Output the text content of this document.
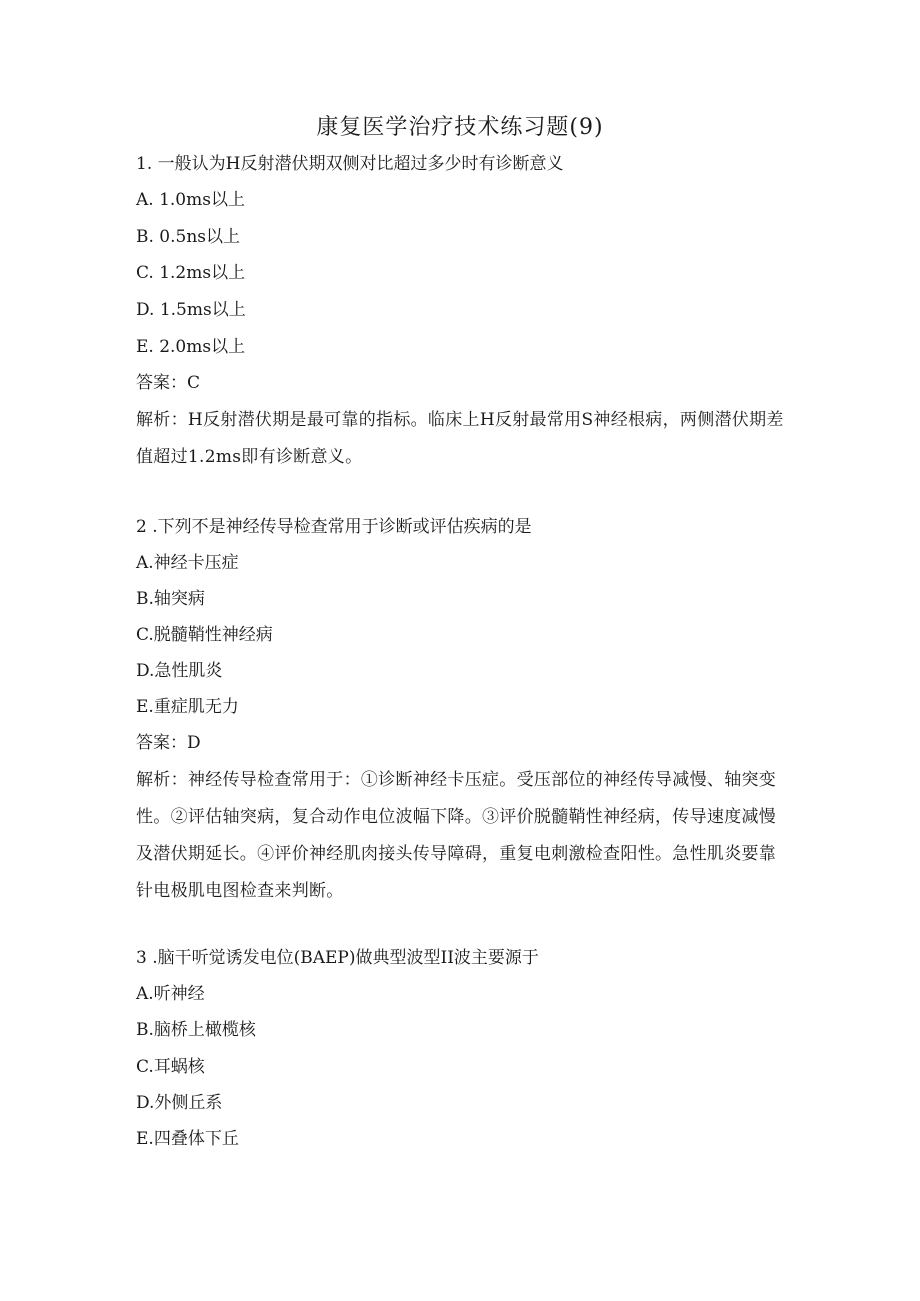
康复医学治疗技术练习题(9)
1. 一般认为H反射潜伏期双侧对比超过多少时有诊断意义
A. 1.0ms以上
B. 0.5ns以上
C. 1.2ms以上
D. 1.5ms以上
E. 2.0ms以上
答案：C
解析：H反射潜伏期是最可靠的指标。临床上H反射最常用S神经根病，两侧潜伏期差值超过1.2ms即有诊断意义。
2 .下列不是神经传导检查常用于诊断或评估疾病的是
A.神经卡压症
B.轴突病
C.脱髓鞘性神经病
D.急性肌炎
E.重症肌无力
答案：D
解析：神经传导检查常用于：①诊断神经卡压症。受压部位的神经传导减慢、轴突变性。②评估轴突病，复合动作电位波幅下降。③评价脱髓鞘性神经病，传导速度减慢及潜伏期延长。④评价神经肌肉接头传导障碍，重复电刺激检查阳性。急性肌炎要靠针电极肌电图检查来判断。
3 .脑干听觉诱发电位(BAEP)做典型波型II波主要源于
A.听神经
B.脑桥上橄榄核
C.耳蜗核
D.外侧丘系
E.四叠体下丘
